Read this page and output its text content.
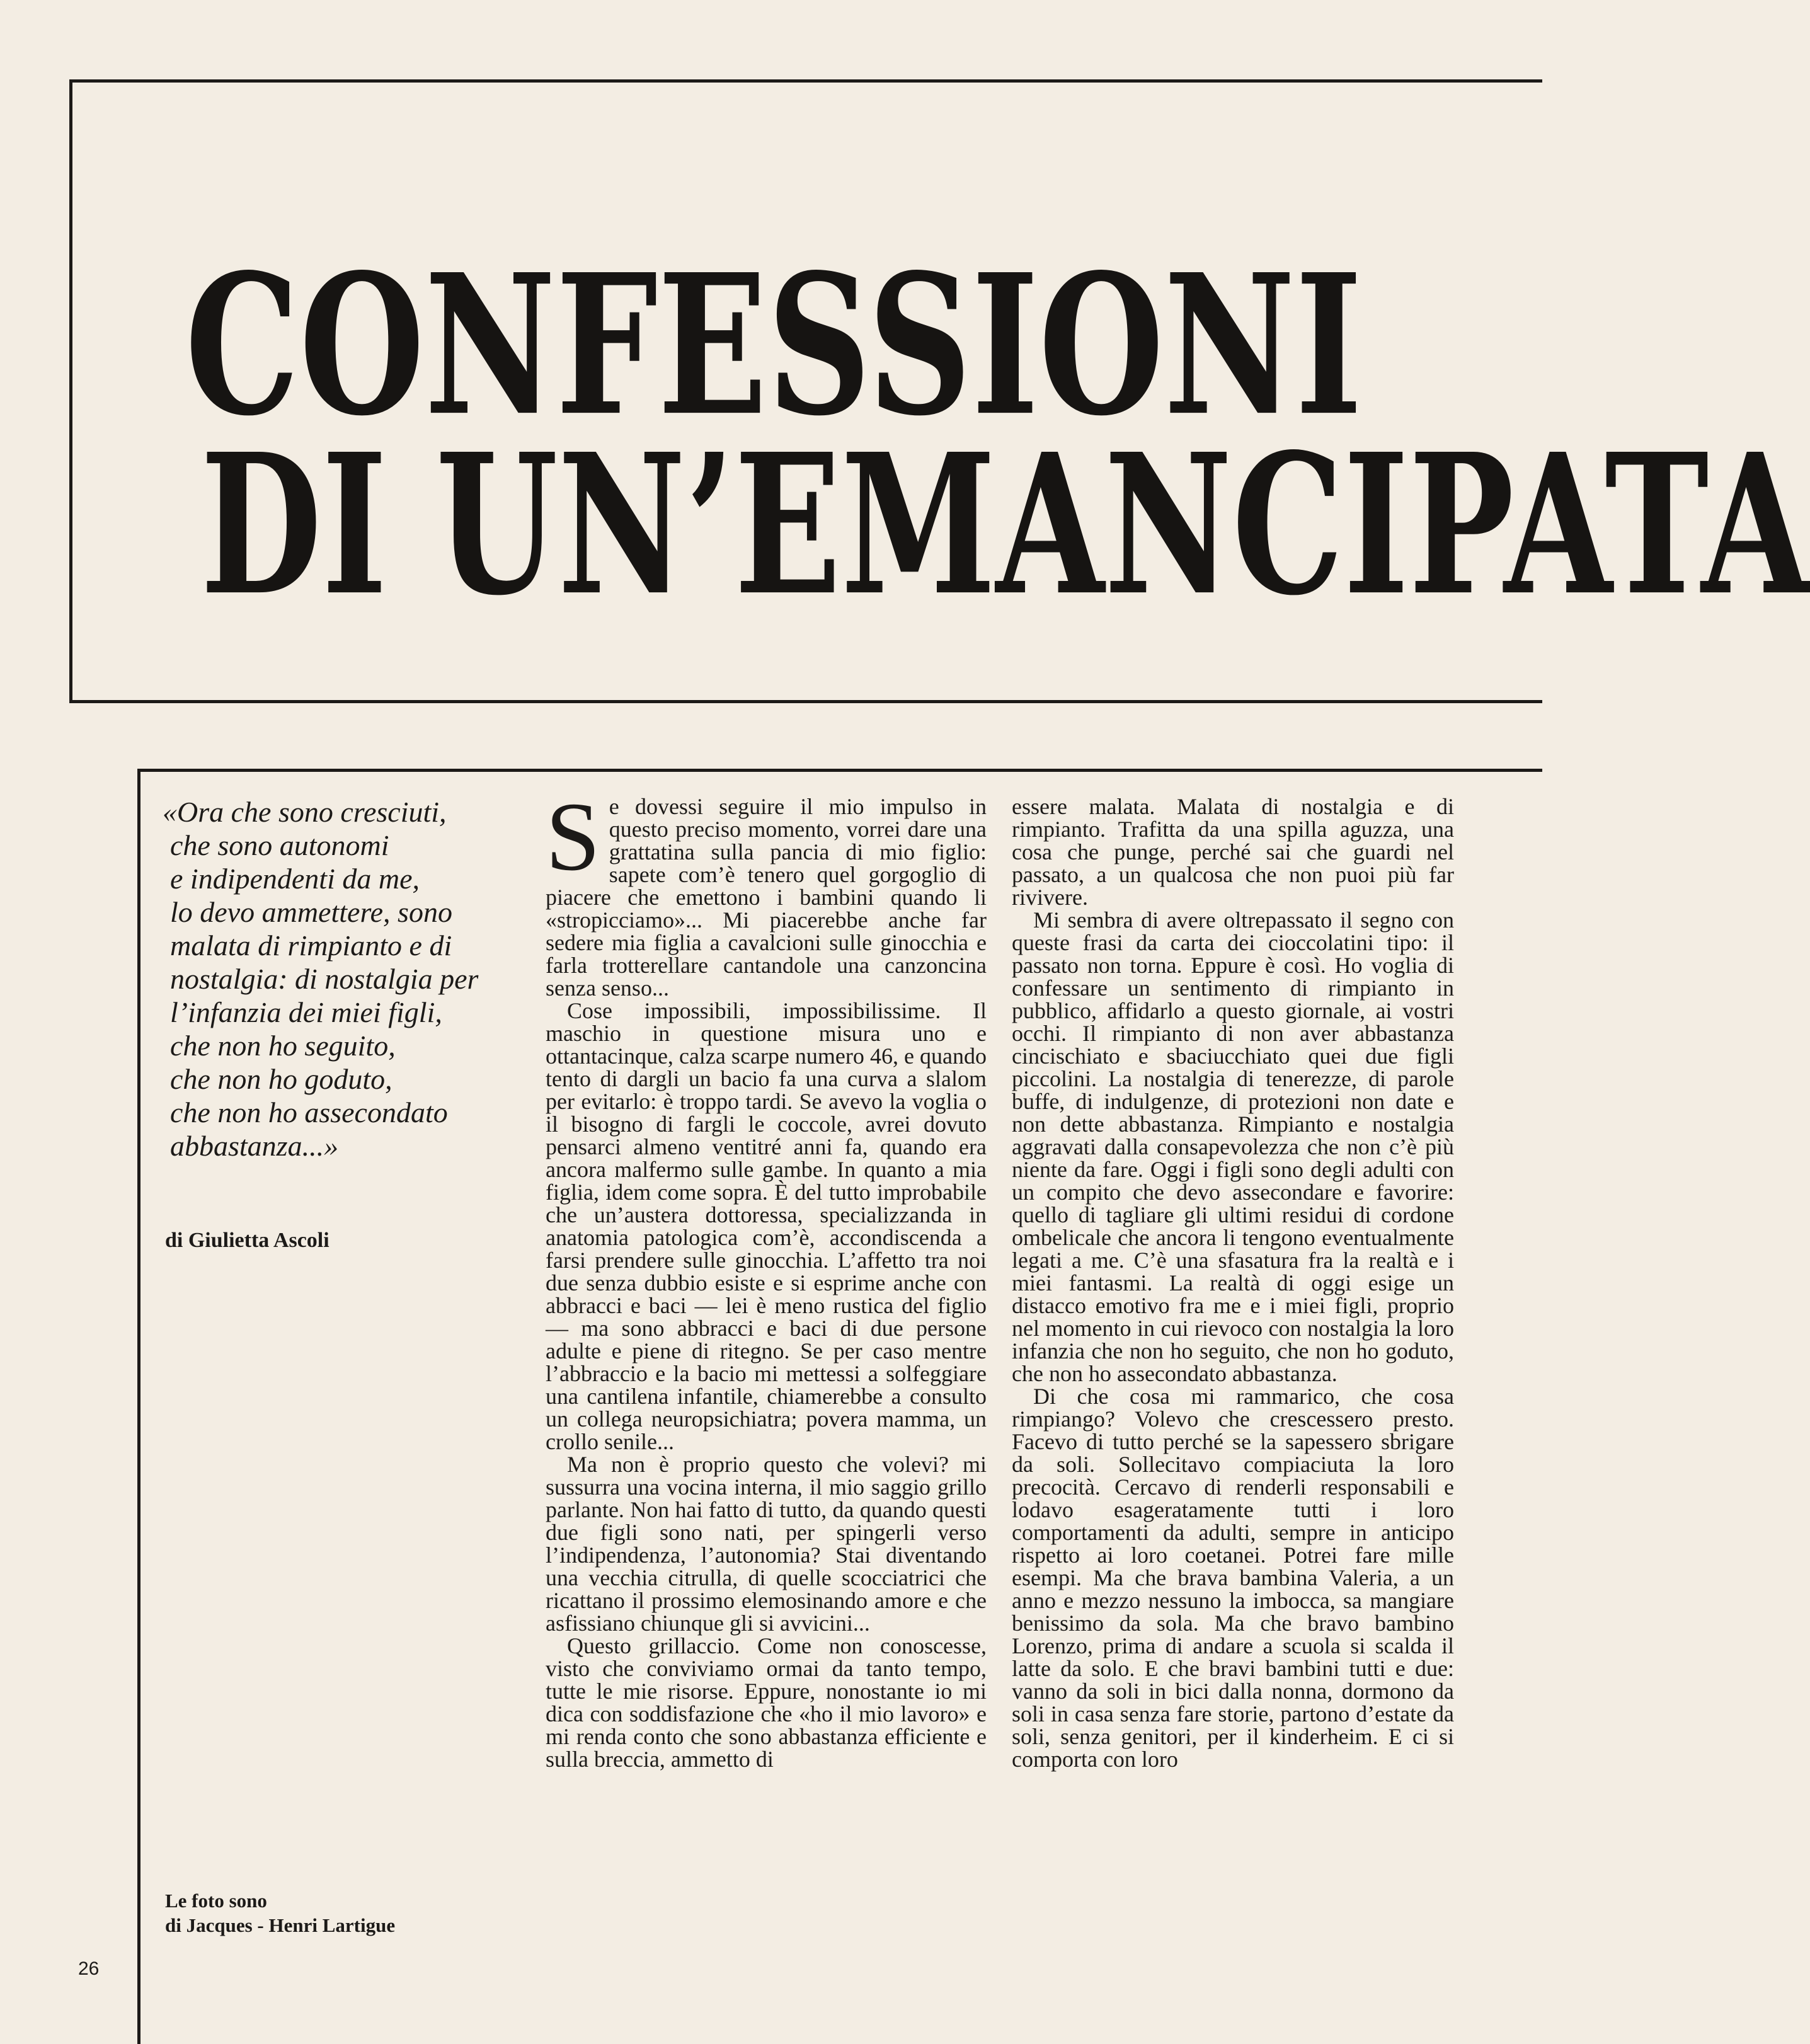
CONFESSIONI
DI UN’EMANCIPATA
«Ora che sono cresciuti,
che sono autonomi
e indipendenti da me,
lo devo ammettere, sono
malata di rimpianto e di
nostalgia: di nostalgia per
l’infanzia dei miei figli,
che non ho seguito,
che non ho goduto,
che non ho assecondato
abbastanza...»
di Giulietta Ascoli
Le foto sono
di Jacques - Henri Lartigue
26

Se dovessi seguire il mio impulso in questo preciso momento, vorrei dare una grattatina sulla pancia di mio figlio: sapete com’è tenero quel gorgoglio di piacere che emettono i bambini quando li «stropicciamo»... Mi piacerebbe anche far sedere mia figlia a cavalcioni sulle ginocchia e farla trotterellare cantandole una canzoncina senza senso...

Cose impossibili, impossibilissime. Il maschio in questione misura uno e ottantacinque, calza scarpe numero 46, e quando tento di dargli un bacio fa una curva a slalom per evitarlo: è troppo tardi. Se avevo la voglia o il bisogno di fargli le coccole, avrei dovuto pensarci almeno ventitré anni fa, quando era ancora malfermo sulle gambe. In quanto a mia figlia, idem come sopra. È del tutto improbabile che un’austera dottoressa, specializzanda in anatomia patologica com’è, accondiscenda a farsi prendere sulle ginocchia. L’affetto tra noi due senza dubbio esiste e si esprime anche con abbracci e baci — lei è meno rustica del figlio — ma sono abbracci e baci di due persone adulte e piene di ritegno. Se per caso mentre l’abbraccio e la bacio mi mettessi a solfeggiare una cantilena infantile, chiamerebbe a consulto un collega neuropsichiatra; povera mamma, un crollo senile...

Ma non è proprio questo che volevi? mi sussurra una vocina interna, il mio saggio grillo parlante. Non hai fatto di tutto, da quando questi due figli sono nati, per spingerli verso l’indipendenza, l’autonomia? Stai diventando una vecchia citrulla, di quelle scocciatrici che ricattano il prossimo elemosinando amore e che asfissiano chiunque gli si avvicini...

Questo grillaccio. Come non conoscesse, visto che conviviamo ormai da tanto tempo, tutte le mie risorse. Eppure, nonostante io mi dica con soddisfazione che «ho il mio lavoro» e mi renda conto che sono abbastanza efficiente e sulla breccia, ammetto di

essere malata. Malata di nostalgia e di rimpianto. Trafitta da una spilla aguzza, una cosa che punge, perché sai che guardi nel passato, a un qualcosa che non puoi più far rivivere.

Mi sembra di avere oltrepassato il segno con queste frasi da carta dei cioccolatini tipo: il passato non torna. Eppure è così. Ho voglia di confessare un sentimento di rimpianto in pubblico, affidarlo a questo giornale, ai vostri occhi. Il rimpianto di non aver abbastanza cincischiato e sbaciucchiato quei due figli piccolini. La nostalgia di tenerezze, di parole buffe, di indulgenze, di protezioni non date e non dette abbastanza. Rimpianto e nostalgia aggravati dalla consapevolezza che non c’è più niente da fare. Oggi i figli sono degli adulti con un compito che devo assecondare e favorire: quello di tagliare gli ultimi residui di cordone ombelicale che ancora li tengono eventualmente legati a me. C’è una sfasatura fra la realtà e i miei fantasmi. La realtà di oggi esige un distacco emotivo fra me e i miei figli, proprio nel momento in cui rievoco con nostalgia la loro infanzia che non ho seguito, che non ho goduto, che non ho assecondato abbastanza.

Di che cosa mi rammarico, che cosa rimpiango? Volevo che crescessero presto. Facevo di tutto perché se la sapessero sbrigare da soli. Sollecitavo compiaciuta la loro precocità. Cercavo di renderli responsabili e lodavo esageratamente tutti i loro comportamenti da adulti, sempre in anticipo rispetto ai loro coetanei. Potrei fare mille esempi. Ma che brava bambina Valeria, a un anno e mezzo nessuno la imbocca, sa mangiare benissimo da sola. Ma che bravo bambino Lorenzo, prima di andare a scuola si scalda il latte da solo. E che bravi bambini tutti e due: vanno da soli in bici dalla nonna, dormono da soli in casa senza fare storie, partono d’estate da soli, senza genitori, per il kinderheim. E ci si comporta con loro
